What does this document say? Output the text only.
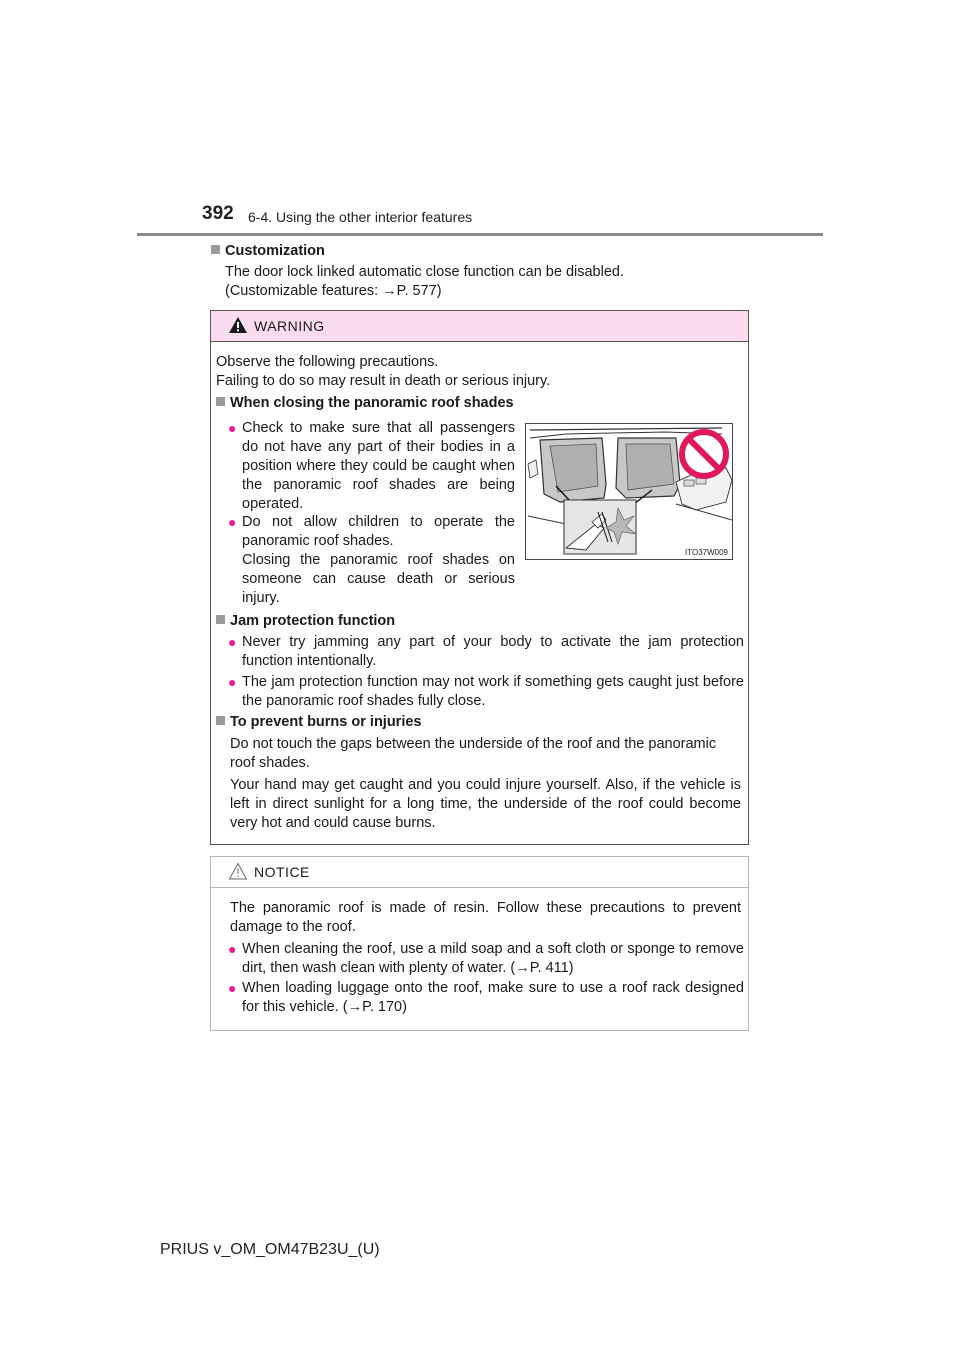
392 6-4. Using the other interior features
Customization
The door lock linked automatic close function can be disabled.
(Customizable features: →P. 577)
WARNING
Observe the following precautions.
Failing to do so may result in death or serious injury.
When closing the panoramic roof shades
● Check to make sure that all passengers do not have any part of their bodies in a position where they could be caught when the panoramic roof shades are being operated.
● Do not allow children to operate the panoramic roof shades.
Closing the panoramic roof shades on someone can cause death or serious injury.
ITO37W009
Jam protection function
● Never try jamming any part of your body to activate the jam protection function intentionally.
● The jam protection function may not work if something gets caught just before the panoramic roof shades fully close.
To prevent burns or injuries
Do not touch the gaps between the underside of the roof and the panoramic roof shades.
Your hand may get caught and you could injure yourself. Also, if the vehicle is left in direct sunlight for a long time, the underside of the roof could become very hot and could cause burns.
NOTICE
The panoramic roof is made of resin. Follow these precautions to prevent damage to the roof.
● When cleaning the roof, use a mild soap and a soft cloth or sponge to remove dirt, then wash clean with plenty of water. (→P. 411)
● When loading luggage onto the roof, make sure to use a roof rack designed for this vehicle. (→P. 170)
PRIUS v_OM_OM47B23U_(U)
